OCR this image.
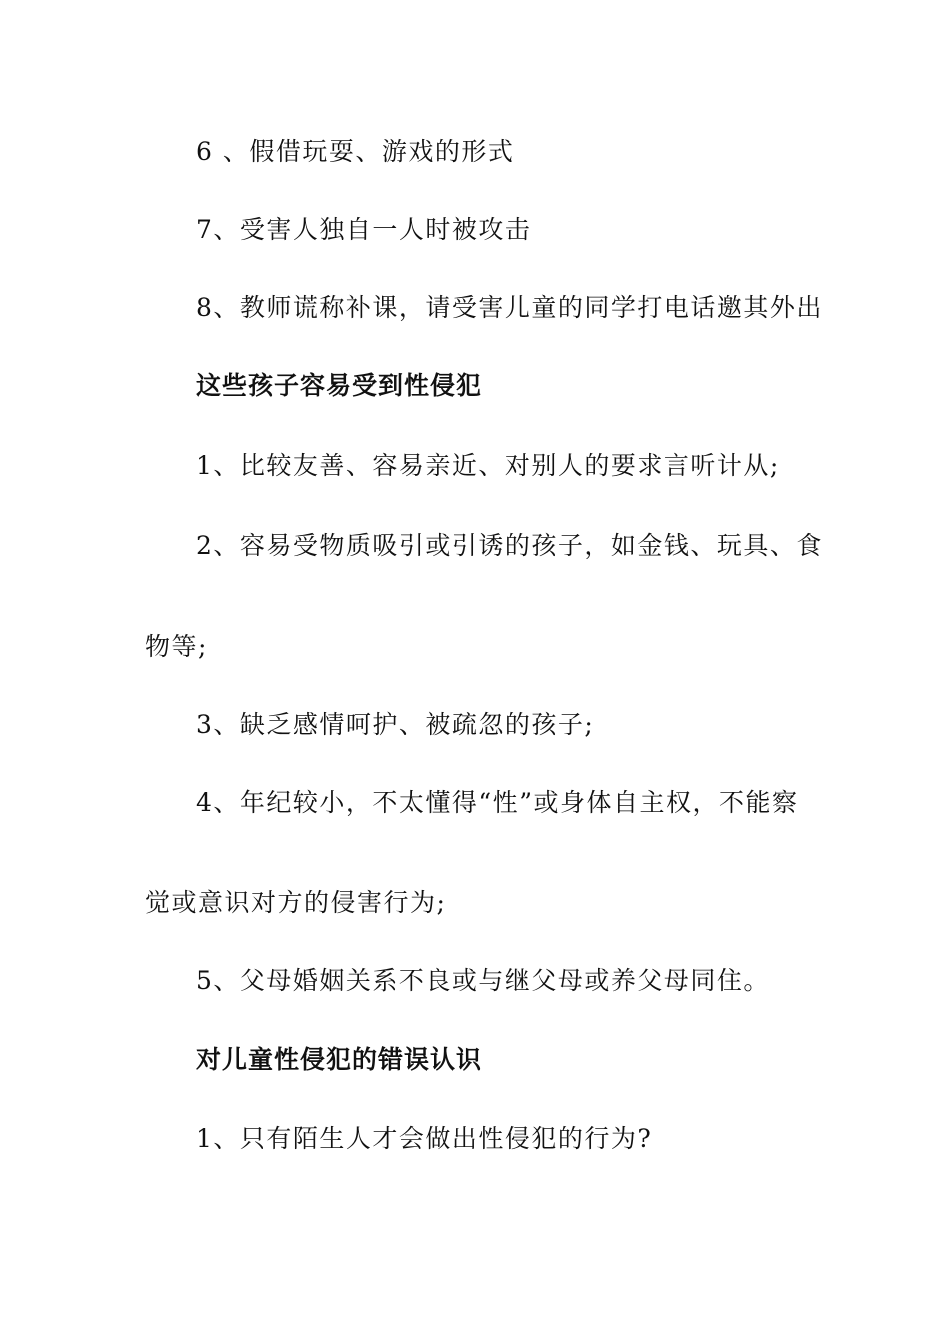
6 、假借玩耍、游戏的形式
7、受害人独自一人时被攻击
8、教师谎称补课，请受害儿童的同学打电话邀其外出
这些孩子容易受到性侵犯
1、比较友善、容易亲近、对别人的要求言听计从;
2、容易受物质吸引或引诱的孩子，如金钱、玩具、食
物等;
3、缺乏感情呵护、被疏忽的孩子;
4、年纪较小，不太懂得“性”或身体自主权，不能察
觉或意识对方的侵害行为;
5、父母婚姻关系不良或与继父母或养父母同住。
对儿童性侵犯的错误认识
1、只有陌生人才会做出性侵犯的行为?
